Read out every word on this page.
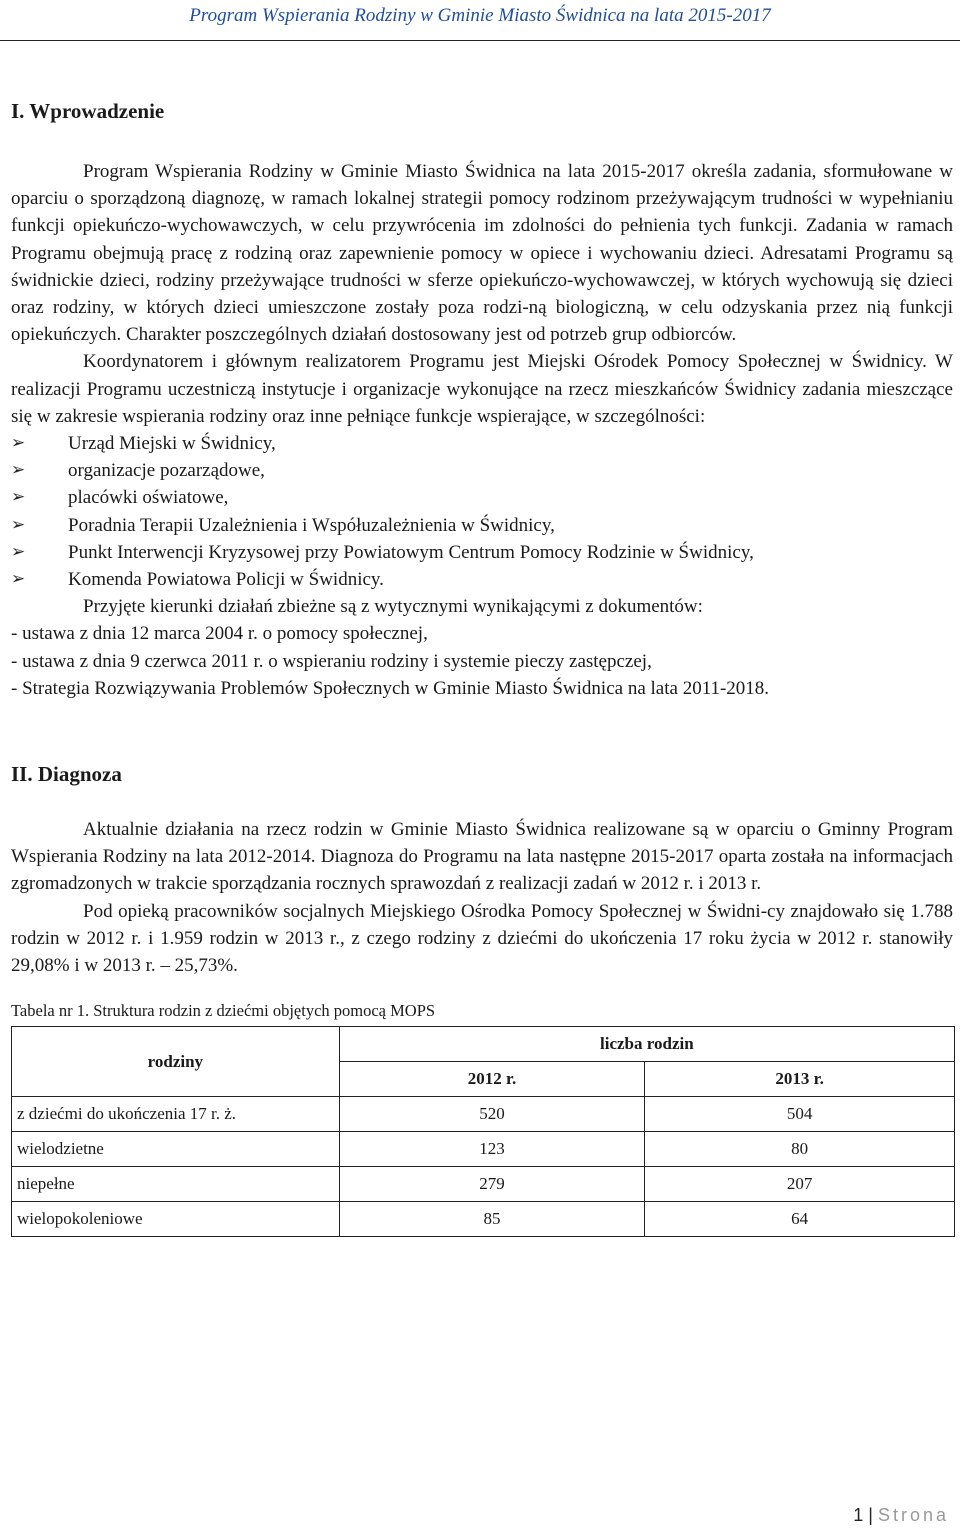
Program Wspierania Rodziny w Gminie Miasto Świdnica na lata 2015-2017
I. Wprowadzenie

Program Wspierania Rodziny w Gminie Miasto Świdnica na lata 2015-2017 określa zadania, sformułowane w oparciu o sporządzoną diagnozę, w ramach lokalnej strategii pomocy rodzinom przeżywającym trudności w wypełnianiu funkcji opiekuńczo-wychowawczych, w celu przywrócenia im zdolności do pełnienia tych funkcji. Zadania w ramach Programu obejmują pracę z rodziną oraz zapewnienie pomocy w opiece i wychowaniu dzieci. Adresatami Programu są świdnickie dzieci, rodziny przeżywające trudności w sferze opiekuńczo-wychowawczej, w których wychowują się dzieci oraz rodziny, w których dzieci umieszczone zostały poza rodzi-ną biologiczną, w celu odzyskania przez nią funkcji opiekuńczych. Charakter poszczególnych działań dostosowany jest od potrzeb grup odbiorców.

Koordynatorem i głównym realizatorem Programu jest Miejski Ośrodek Pomocy Społecznej w Świdnicy. W realizacji Programu uczestniczą instytucje i organizacje wykonujące na rzecz mieszkańców Świdnicy zadania mieszczące się w zakresie wspierania rodziny oraz inne pełniące funkcje wspierające, w szczególności:

➢	Urząd Miejski w Świdnicy,
➢	organizacje pozarządowe,
➢	placówki oświatowe,
➢	Poradnia Terapii Uzależnienia i Współuzależnienia w Świdnicy,
➢	Punkt Interwencji Kryzysowej przy Powiatowym Centrum Pomocy Rodzinie w Świdnicy,
➢	Komenda Powiatowa Policji w Świdnicy.

Przyjęte kierunki działań zbieżne są z wytycznymi wynikającymi z dokumentów:

- ustawa z dnia 12 marca 2004 r. o pomocy społecznej,

- ustawa z dnia 9 czerwca 2011 r. o wspieraniu rodziny i systemie pieczy zastępczej,

- Strategia Rozwiązywania Problemów Społecznych w Gminie Miasto Świdnica na lata 2011-2018.

II. Diagnoza

Aktualnie działania na rzecz rodzin w Gminie Miasto Świdnica realizowane są w oparciu o Gminny Program Wspierania Rodziny na lata 2012-2014. Diagnoza do Programu na lata następne 2015-2017 oparta została na informacjach zgromadzonych w trakcie sporządzania rocznych sprawozdań z realizacji zadań w 2012 r. i 2013 r.

Pod opieką pracowników socjalnych Miejskiego Ośrodka Pomocy Społecznej w Świdni-cy znajdowało się 1.788 rodzin w 2012 r. i 1.959 rodzin w 2013 r., z czego rodziny z dziećmi do ukończenia 17 roku życia w 2012 r. stanowiły 29,08% i w 2013 r. – 25,73%.

Tabela nr 1. Struktura rodzin z dziećmi objętych pomocą MOPS

rodziny	liczba rodzin	
	2012 r.	2013 r.
z dziećmi do ukończenia 17 r. ż.	520	504
wielodzietne	123	80
niepełne	279	207
wielopokoleniowe	85	64
1 | Strona
